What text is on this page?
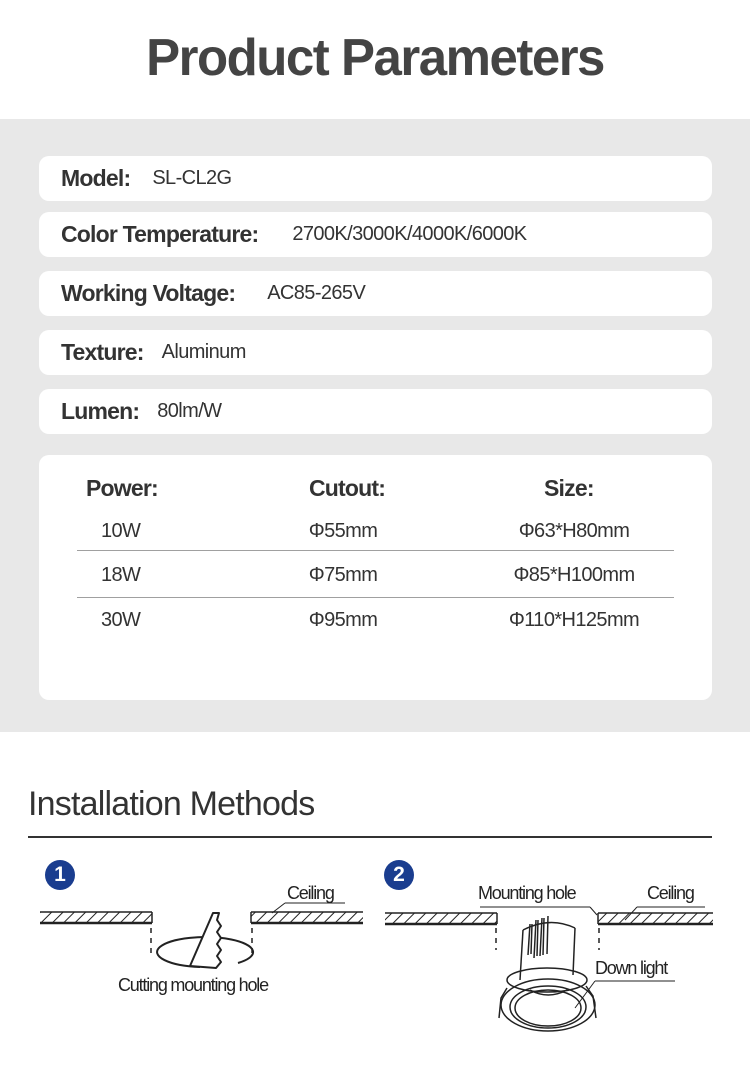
Product Parameters
Model: SL-CL2G
Color Temperature: 2700K/3000K/4000K/6000K
Working Voltage: AC85-265V
Texture: Aluminum
Lumen: 80lm/W
Power:	Cutout:	Size:
10W	Φ55mm	Φ63*H80mm
18W	Φ75mm	Φ85*H100mm
30W	Φ95mm	Φ110*H125mm
Installation Methods
1
Ceiling
Cutting mounting hole
2
Mounting hole	Ceiling
Down light
